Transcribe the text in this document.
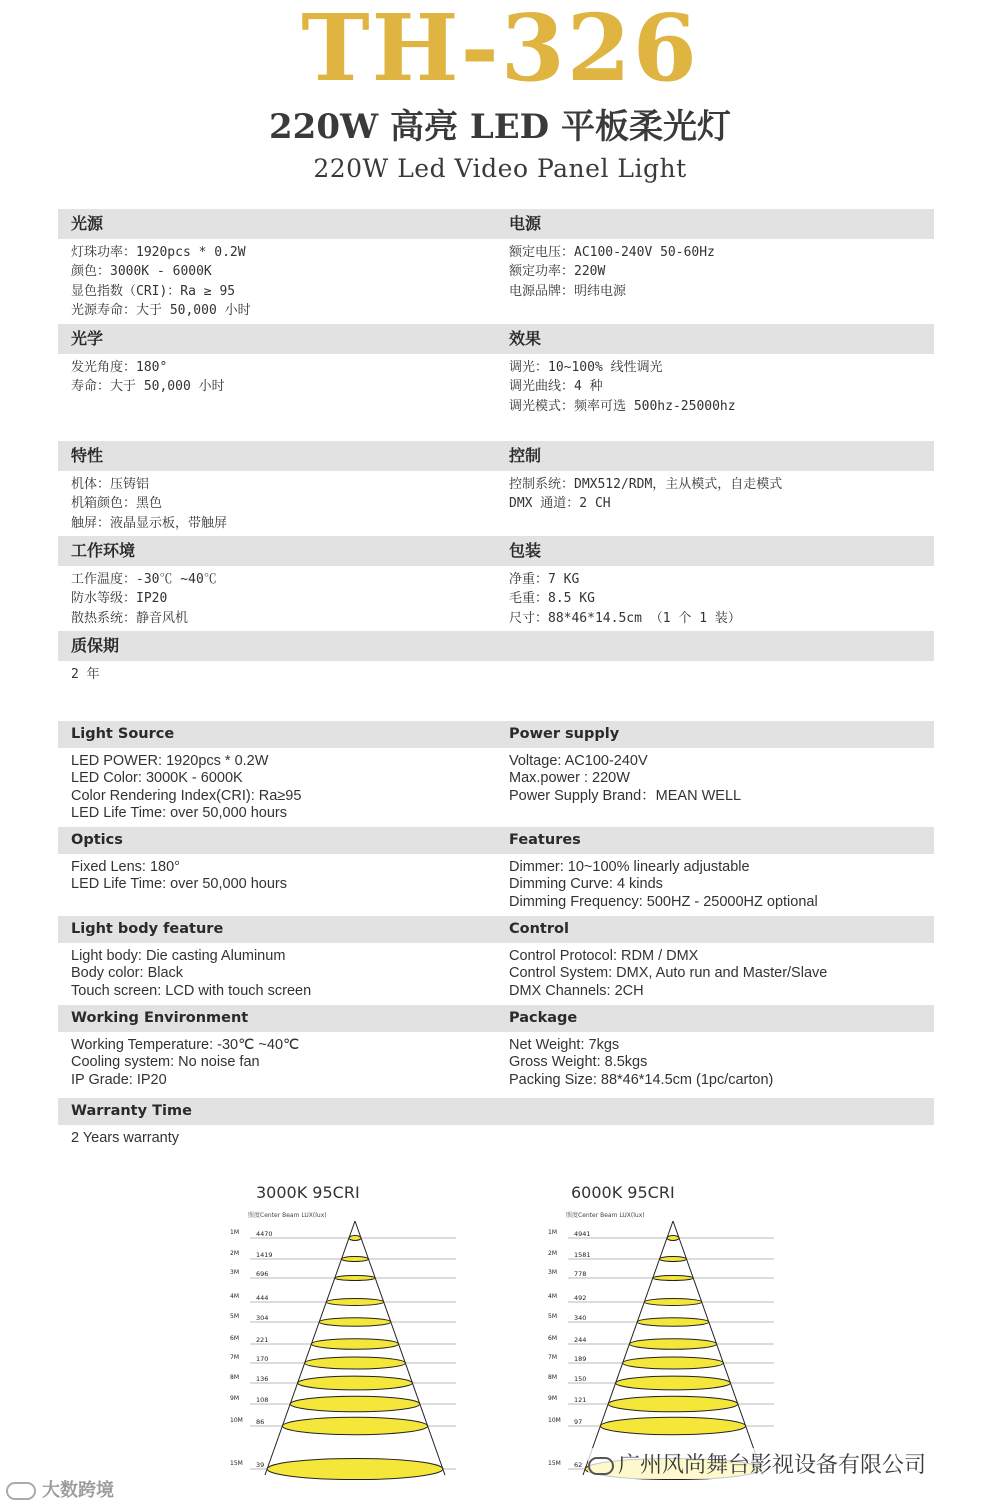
TH-326
220W 高亮 LED 平板柔光灯
220W Led Video Panel Light
光源	电源
灯珠功率：1920pcs * 0.2W
颜色：3000K - 6000K
显色指数（CRI)：Ra ≥ 95
光源寿命：大于 50,000 小时
额定电压：AC100-240V 50-60Hz
额定功率：220W
电源品牌：明纬电源
光学	效果
发光角度：180°
寿命：大于 50,000 小时
调光：10~100% 线性调光
调光曲线：4 种
调光模式：频率可选 500hz-25000hz
特性	控制
机体：压铸铝
机箱颜色：黑色
触屏：液晶显示板，带触屏
控制系统：DMX512/RDM，主从模式，自走模式
DMX 通道：2 CH
工作环境	包装
工作温度：-30℃ ~40℃
防水等级：IP20
散热系统：静音风机
净重：7 KG
毛重：8.5 KG
尺寸：88*46*14.5cm （1 个 1 装）
质保期
2 年
Light Source	Power supply
LED POWER: 1920pcs * 0.2W
LED Color: 3000K - 6000K
Color Rendering Index(CRI): Ra≥95
LED Life Time: over 50,000 hours
Voltage: AC100-240V
Max.power : 220W
Power Supply Brand：MEAN WELL
Optics	Features
Fixed Lens: 180°
LED Life Time: over 50,000 hours
Dimmer: 10~100% linearly adjustable
Dimming Curve: 4 kinds
Dimming Frequency: 500HZ - 25000HZ optional
Light body feature	Control
Light body: Die casting Aluminum
Body color: Black
Touch screen: LCD with touch screen
Control Protocol: RDM / DMX
Control System: DMX, Auto run and Master/Slave
DMX Channels: 2CH
Working Environment	Package
Working Temperature: -30℃ ~40℃
Cooling system: No noise fan
IP Grade: IP20
Net Weight: 7kgs
Gross Weight: 8.5kgs
Packing Size: 88*46*14.5cm (1pc/carton)
Warranty Time
2 Years warranty
3000K 95CRI	6000K 95CRI
照度Center Beam LUX(lux)
1M	4470
2M	1419
3M	696
4M	444
5M	304
6M	221
7M	170
8M	136
9M	108
10M 86
15M 39
照度Center Beam LUX(lux)
1M	4941
2M	1581
3M	778
4M	492
5M	340
6M	244
7M	189
8M	150
9M	121
10M 97
15M 62
大数跨境
广州风尚舞台影视设备有限公司
